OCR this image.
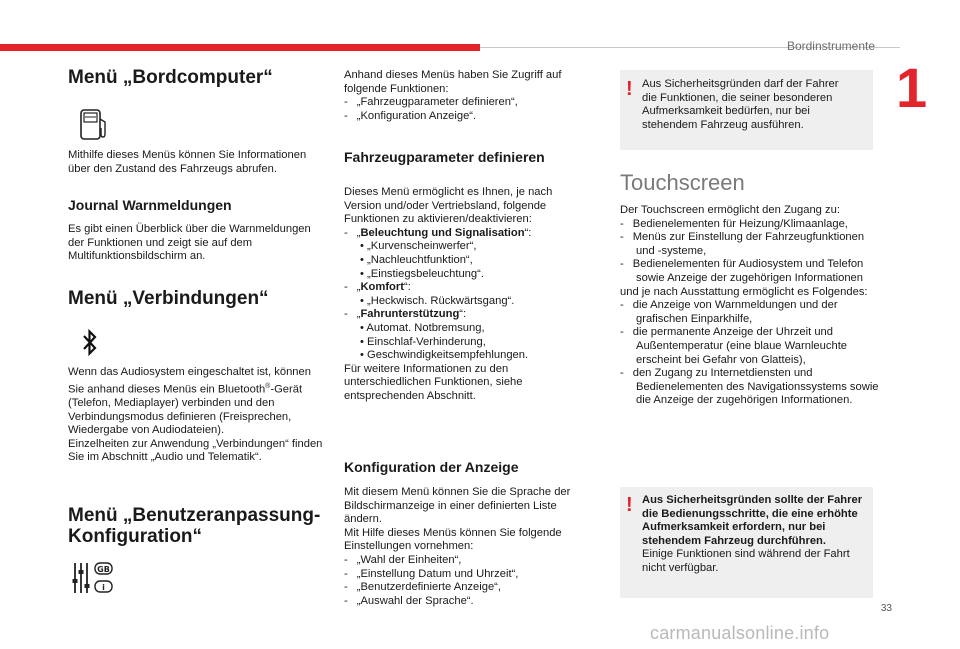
Bordinstrumente
1
Menü „Bordcomputer“

Mithilfe dieses Menüs können Sie Informationen über den Zustand des Fahrzeugs abrufen.

Journal Warnmeldungen

Es gibt einen Überblick über die Warnmeldungen der Funktionen und zeigt sie auf dem Multifunktionsbildschirm an.

Menü „Verbindungen“

Wenn das Audiosystem eingeschaltet ist, können Sie anhand dieses Menüs ein Bluetooth®-Gerät (Telefon, Mediaplayer) verbinden und den Verbindungsmodus definieren (Freisprechen, Wiedergabe von Audiodateien).

Einzelheiten zur Anwendung „Verbindungen“ finden Sie im Abschnitt „Audio und Telematik“.

Menü „Benutzeranpassung-
Konfiguration“
GB
i

Anhand dieses Menüs haben Sie Zugriff auf folgende Funktionen:

- „Fahrzeugparameter definieren“,

- „Konfiguration Anzeige“.

Fahrzeugparameter definieren

Dieses Menü ermöglicht es Ihnen, je nach Version und/oder Vertriebsland, folgende Funktionen zu aktivieren/deaktivieren:

- „Beleuchtung und Signalisation“:

• „Kurvenscheinwerfer“,

• „Nachleuchtfunktion“,

• „Einstiegsbeleuchtung“.

- „Komfort“:

• „Heckwisch. Rückwärtsgang“.

- „Fahrunterstützung“:

• Automat. Notbremsung,

• Einschlaf-Verhinderung,

• Geschwindigkeitsempfehlungen.

Für weitere Informationen zu den unterschiedlichen Funktionen, siehe entsprechenden Abschnitt.

Konfiguration der Anzeige

Mit diesem Menü können Sie die Sprache der Bildschirmanzeige in einer definierten Liste ändern.

Mit Hilfe dieses Menüs können Sie folgende Einstellungen vornehmen:

- „Wahl der Einheiten“,

- „Einstellung Datum und Uhrzeit“,

- „Benutzerdefinierte Anzeige“,

- „Auswahl der Sprache“.

! Aus Sicherheitsgründen darf der Fahrer die Funktionen, die seiner besonderen Aufmerksamkeit bedürfen, nur bei stehendem Fahrzeug ausführen.

Touchscreen

Der Touchscreen ermöglicht den Zugang zu:

- Bedienelementen für Heizung/Klimaanlage,

- Menüs zur Einstellung der Fahrzeugfunktionen und -systeme,

- Bedienelementen für Audiosystem und Telefon sowie Anzeige der zugehörigen Informationen

und je nach Ausstattung ermöglicht es Folgendes:

- die Anzeige von Warnmeldungen und der grafischen Einparkhilfe,

- die permanente Anzeige der Uhrzeit und Außentemperatur (eine blaue Warnleuchte erscheint bei Gefahr von Glatteis),

- den Zugang zu Internetdiensten und Bedienelementen des Navigationssystems sowie die Anzeige der zugehörigen Informationen.

! Aus Sicherheitsgründen sollte der Fahrer die Bedienungsschritte, die eine erhöhte Aufmerksamkeit erfordern, nur bei stehendem Fahrzeug durchführen.
Einige Funktionen sind während der Fahrt nicht verfügbar.

33
carmanualsonline.info
